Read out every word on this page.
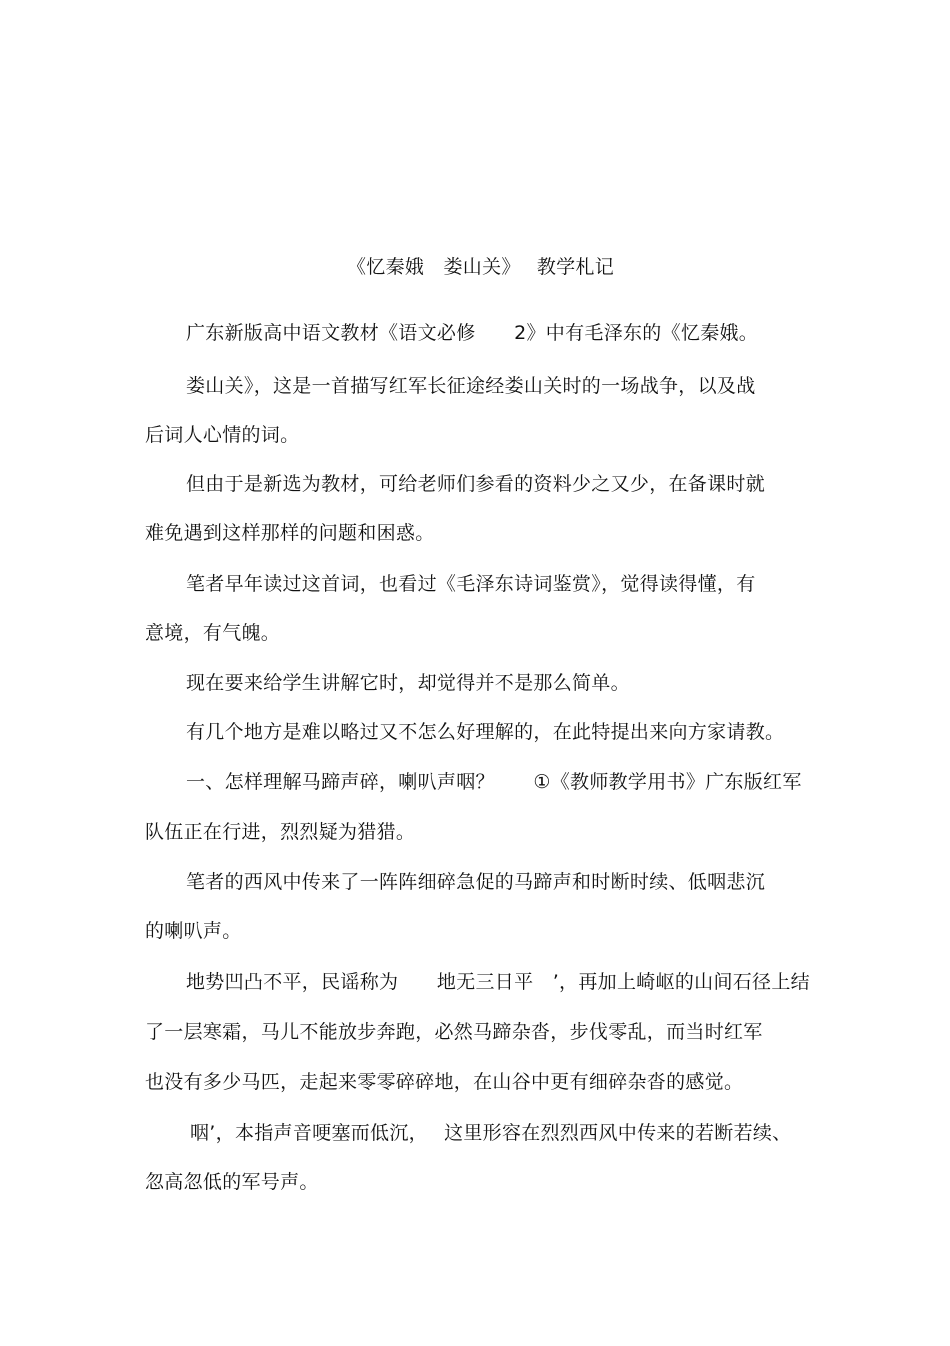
《忆秦娥　娄山关》　 教学札记
广东新版高中语文教材《语文必修　　2》中有毛泽东的《忆秦娥。
娄山关》，这是一首描写红军长征途经娄山关时的一场战争，以及战
后词人心情的词。
但由于是新选为教材，可给老师们参看的资料少之又少，在备课时就
难免遇到这样那样的问题和困惑。
笔者早年读过这首词，也看过《毛泽东诗词鉴赏》，觉得读得懂，有
意境，有气魄。
现在要来给学生讲解它时，却觉得并不是那么简单。
有几个地方是难以略过又不怎么好理解的，在此特提出来向方家请教。
一、怎样理解马蹄声碎，喇叭声咽？　　①《教师教学用书》广东版红军
队伍正在行进，烈烈疑为猎猎。
笔者的西风中传来了一阵阵细碎急促的马蹄声和时断时续、低咽悲沉
的喇叭声。
地势凹凸不平，民谣称为　　地无三日平　’，再加上崎岖的山间石径上结
了一层寒霜，马儿不能放步奔跑，必然马蹄杂沓，步伐零乱，而当时红军
也没有多少马匹，走起来零零碎碎地，在山谷中更有细碎杂沓的感觉。
咽’，本指声音哽塞而低沉，　 这里形容在烈烈西风中传来的若断若续、
忽高忽低的军号声。
